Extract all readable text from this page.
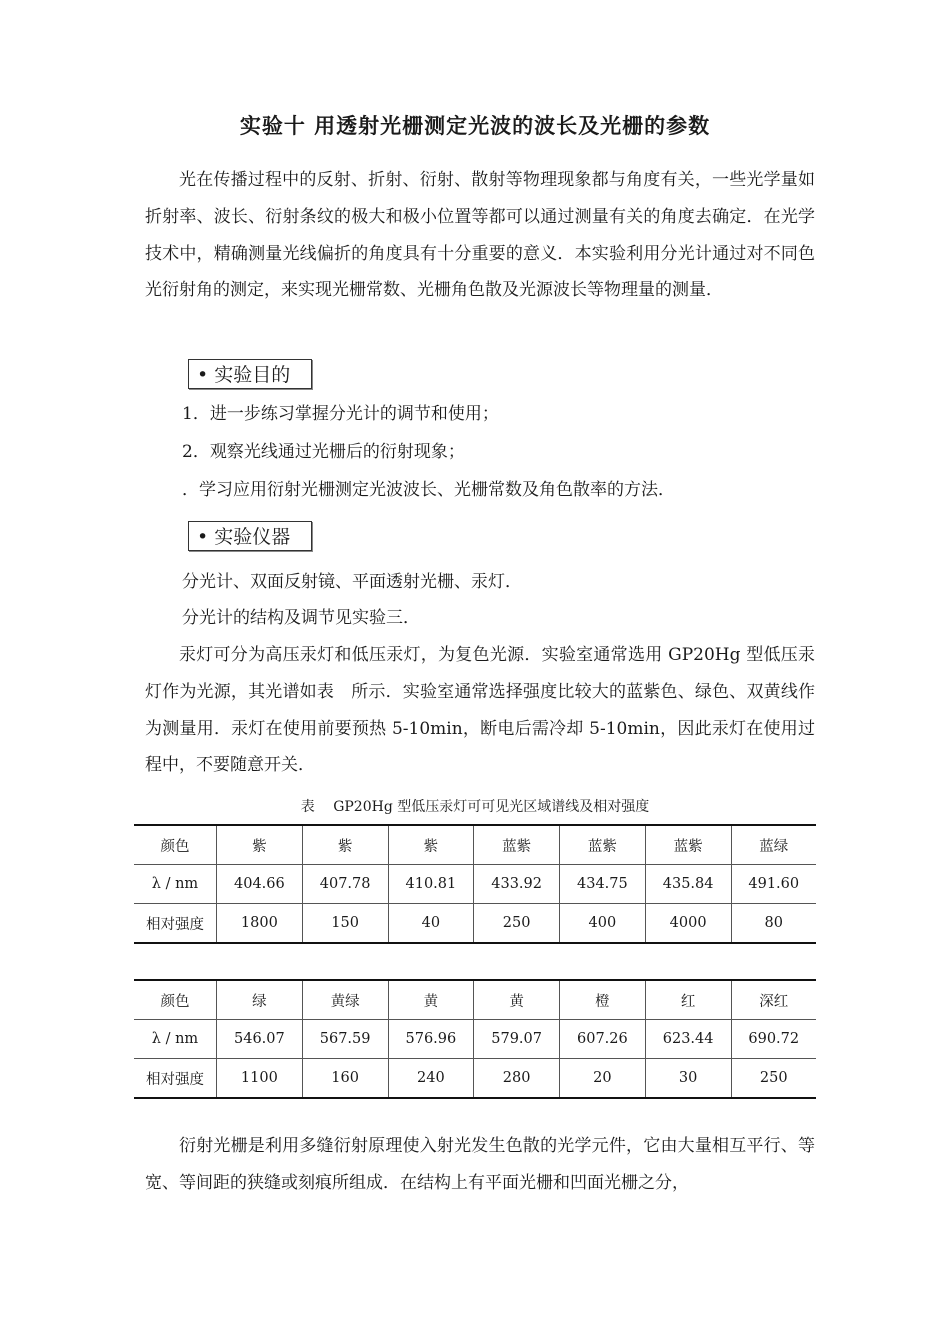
实验十 用透射光栅测定光波的波长及光栅的参数

光在传播过程中的反射、折射、衍射、散射等物理现象都与角度有关，一些光学量如折射率、波长、衍射条纹的极大和极小位置等都可以通过测量有关的角度去确定．在光学技术中，精确测量光线偏折的角度具有十分重要的意义．本实验利用分光计通过对不同色光衍射角的测定，来实现光栅常数、光栅角色散及光源波长等物理量的测量．

• 实验目的

1．进一步练习掌握分光计的调节和使用；

2．观察光线通过光栅后的衍射现象；

．学习应用衍射光栅测定光波波长、光栅常数及角色散率的方法．

• 实验仪器

分光计、双面反射镜、平面透射光栅、汞灯．

分光计的结构及调节见实验三．

汞灯可分为高压汞灯和低压汞灯，为复色光源．实验室通常选用 GP20Hg 型低压汞灯作为光源，其光谱如表　所示．实验室通常选择强度比较大的蓝紫色、绿色、双黄线作为测量用．汞灯在使用前要预热 5-10min，断电后需冷却 5-10min，因此汞灯在使用过程中，不要随意开关．

表　 GP20Hg 型低压汞灯可可见光区域谱线及相对强度

颜色	紫	紫	紫	蓝紫	蓝紫	蓝紫	蓝绿
λ / nm	404.66	407.78	410.81	433.92	434.75	435.84	491.60
相对强度	1800	150	40	250	400	4000	80
颜色	绿	黄绿	黄	黄	橙	红	深红
λ / nm	546.07	567.59	576.96	579.07	607.26	623.44	690.72
相对强度	1100	160	240	280	20	30	250

衍射光栅是利用多缝衍射原理使入射光发生色散的光学元件，它由大量相互平行、等宽、等间距的狭缝或刻痕所组成．在结构上有平面光栅和凹面光栅之分，
